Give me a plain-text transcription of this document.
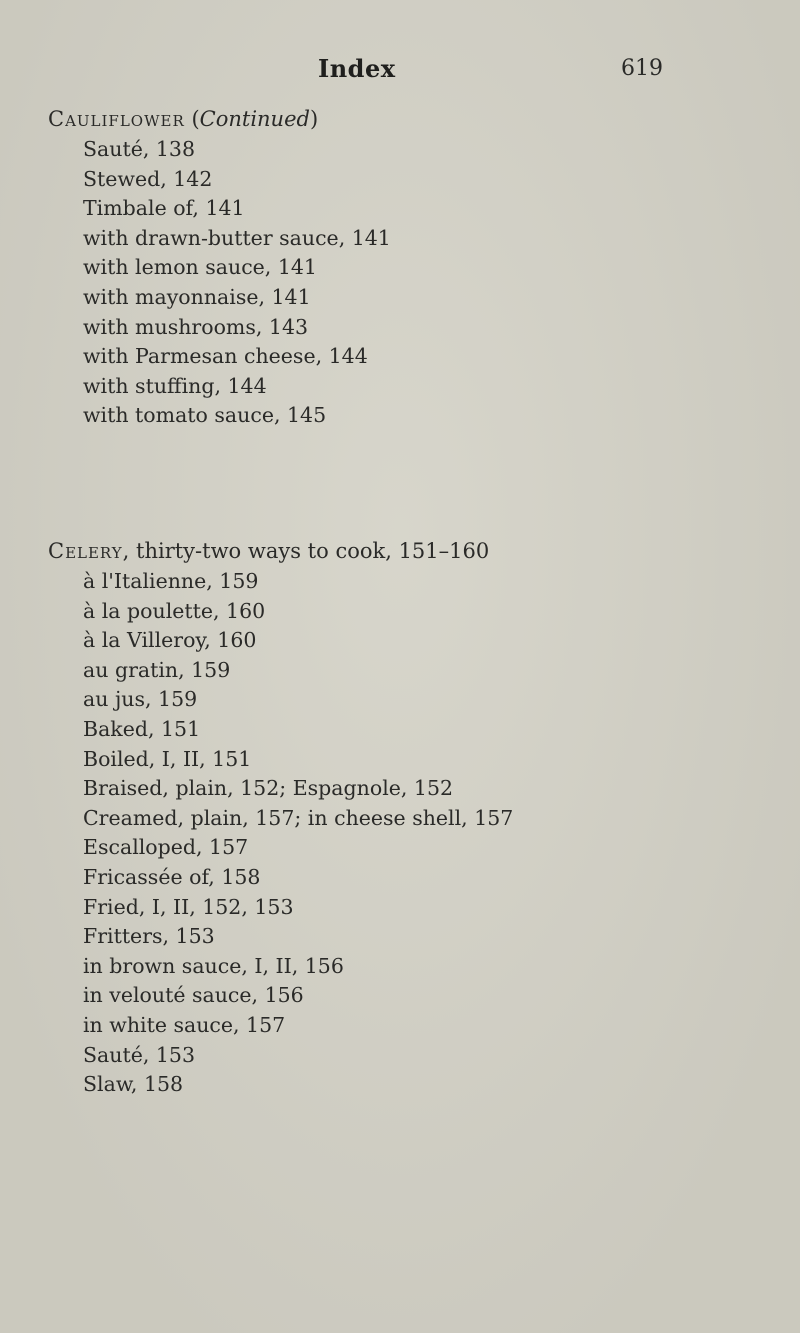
Index	619
Cauliflower (Continued)
Sauté, 138
Stewed, 142
Timbale of, 141
with drawn-butter sauce, 141
with lemon sauce, 141
with mayonnaise, 141
with mushrooms, 143
with Parmesan cheese, 144
with stuffing, 144
with tomato sauce, 145
Celery, thirty-two ways to cook, 151–160
à l'Italienne, 159
à la poulette, 160
à la Villeroy, 160
au gratin, 159
au jus, 159
Baked, 151
Boiled, I, II, 151
Braised, plain, 152; Espagnole, 152
Creamed, plain, 157; in cheese shell, 157
Escalloped, 157
Fricassée of, 158
Fried, I, II, 152, 153
Fritters, 153
in brown sauce, I, II, 156
in velouté sauce, 156
in white sauce, 157
Sauté, 153
Slaw, 158
